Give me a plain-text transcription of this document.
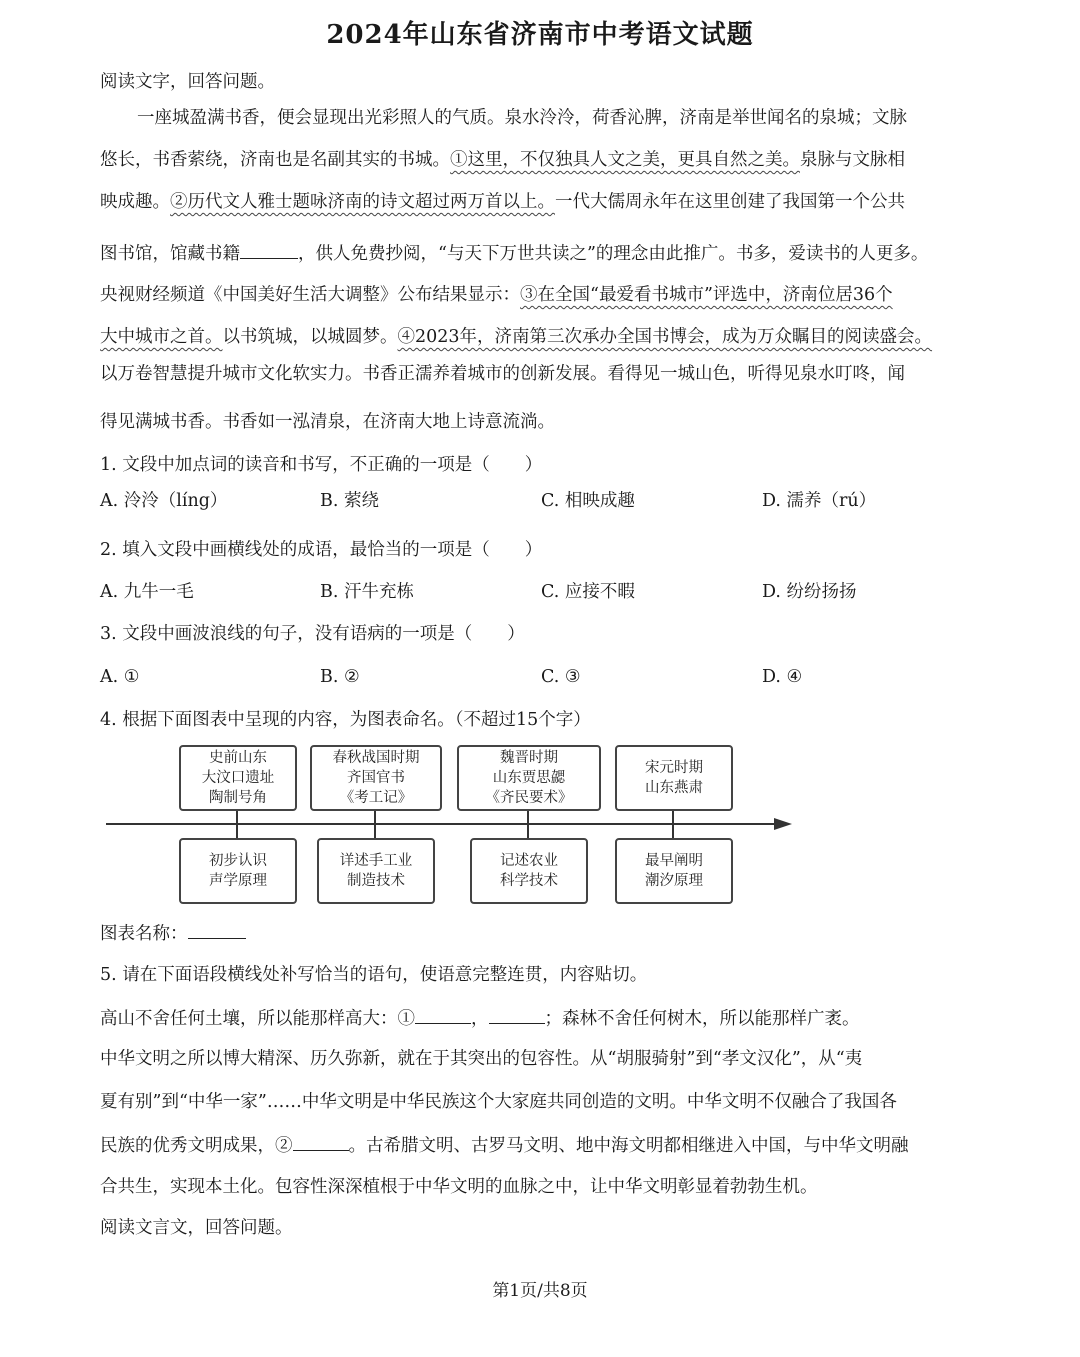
2024年山东省济南市中考语文试题
阅读文字，回答问题。
一座城盈满书香，便会显现出光彩照人的气质。泉水泠泠，荷香沁脾，济南是举世闻名的泉城；文脉
悠长，书香萦绕，济南也是名副其实的书城。①这里，不仅独具人文之美，更具自然之美。泉脉与文脉相
映成趣。②历代文人雅士题咏济南的诗文超过两万首以上。一代大儒周永年在这里创建了我国第一个公共
图书馆，馆藏书籍	，供人免费抄阅，“与天下万世共读之”的理念由此推广。书多，爱读书的人更多。
央视财经频道《中国美好生活大调整》公布结果显示：③在全国“最爱看书城市”评选中，济南位居36个
大中城市之首。以书筑城，以城圆梦。④2023年，济南第三次承办全国书博会，成为万众瞩目的阅读盛会。
以万卷智慧提升城市文化软实力。书香正濡养着城市的创新发展。看得见一城山色，听得见泉水叮咚，闻
得见满城书香。书香如一泓清泉，在济南大地上诗意流淌。
1. 文段中加点词的读音和书写，不正确的一项是（　　）
A. 泠泠（líng）	B. 萦绕	C. 相映成趣	D. 濡养（rú）
2. 填入文段中画横线处的成语，最恰当的一项是（　　）
A. 九牛一毛	B. 汗牛充栋	C. 应接不暇	D. 纷纷扬扬
3. 文段中画波浪线的句子，没有语病的一项是（　　）
A. ①	B. ②	C. ③	D. ④
4. 根据下面图表中呈现的内容，为图表命名。（不超过15个字）
史前山东
大汶口遗址
陶制号角
春秋战国时期
齐国官书
《考工记》
魏晋时期
山东贾思勰
《齐民要术》
宋元时期
山东燕肃
初步认识
声学原理
详述手工业
制造技术
记述农业
科学技术
最早阐明
潮汐原理
图表名称：
5. 请在下面语段横线处补写恰当的语句，使语意完整连贯，内容贴切。
高山不舍任何土壤，所以能那样高大：①	，	；森林不舍任何树木，所以能那样广袤。
中华文明之所以博大精深、历久弥新，就在于其突出的包容性。从“胡服骑射”到“孝文汉化”，从“夷
夏有别”到“中华一家”……中华文明是中华民族这个大家庭共同创造的文明。中华文明不仅融合了我国各
民族的优秀文明成果，②	。古希腊文明、古罗马文明、地中海文明都相继进入中国，与中华文明融
合共生，实现本土化。包容性深深植根于中华文明的血脉之中，让中华文明彰显着勃勃生机。
阅读文言文，回答问题。
第1页/共8页
